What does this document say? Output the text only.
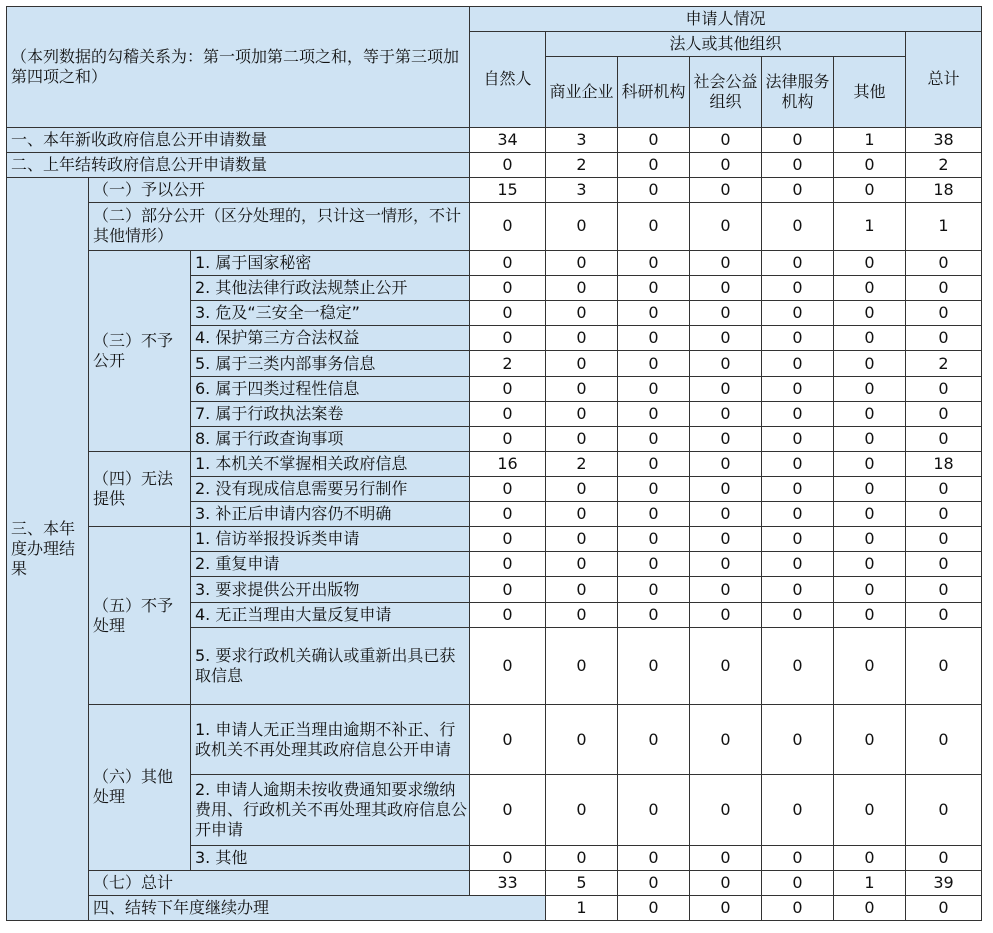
（本列数据的勾稽关系为：第一项加第二项之和，等于第三项加第四项之和）			申请人情况							
			自然人	法人或其他组织					总计	
				商业企业	科研机构	社会公益组织	法律服务机构	其他		
一、本年新收政府信息公开申请数量			34	3	0	0	0	1	38	
二、上年结转政府信息公开申请数量			0	2	0	0	0	0	2	
三、本年度办理结果	（一）予以公开		15	3	0	0	0	0	18	
	（二）部分公开（区分处理的，只计这一情形，不计其他情形）		0	0	0	0	0	1	1	
	（三）不予公开	1. 属于国家秘密	0	0	0	0	0	0	0	
		2. 其他法律行政法规禁止公开	0	0	0	0	0	0	0	
		3. 危及“三安全一稳定”	0	0	0	0	0	0	0	
		4. 保护第三方合法权益	0	0	0	0	0	0	0	
		5. 属于三类内部事务信息	2	0	0	0	0	0	2	
		6. 属于四类过程性信息	0	0	0	0	0	0	0	
		7. 属于行政执法案卷	0	0	0	0	0	0	0	
		8. 属于行政查询事项	0	0	0	0	0	0	0	
	（四）无法提供	1. 本机关不掌握相关政府信息	16	2	0	0	0	0	18	
		2. 没有现成信息需要另行制作	0	0	0	0	0	0	0	
		3. 补正后申请内容仍不明确	0	0	0	0	0	0	0	
	（五）不予处理	1. 信访举报投诉类申请	0	0	0	0	0	0	0	
		2. 重复申请	0	0	0	0	0	0	0	
		3. 要求提供公开出版物	0	0	0	0	0	0	0	
		4. 无正当理由大量反复申请	0	0	0	0	0	0	0	
		5. 要求行政机关确认或重新出具已获取信息	0	0	0	0	0	0	0	
	（六）其他处理	1. 申请人无正当理由逾期不补正、行政机关不再处理其政府信息公开申请	0	0	0	0	0	0	0	
		2. 申请人逾期未按收费通知要求缴纳费用、行政机关不再处理其政府信息公开申请	0	0	0	0	0	0	0	
		3. 其他	0	0	0	0	0	0	0	
	（七）总计		33	5	0	0	0	1	39	
	四、结转下年度继续办理			1	0	0	0	0	0	
